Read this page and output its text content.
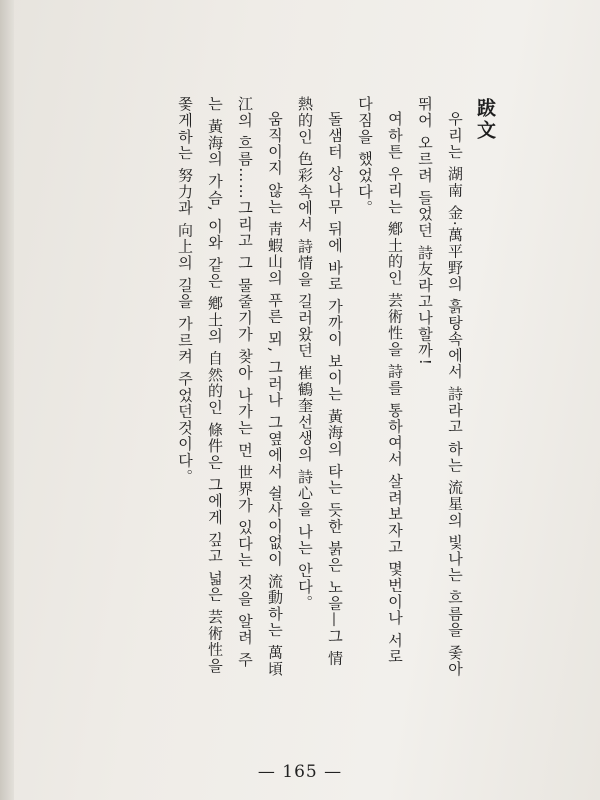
跋文
우리는 湖南 金·萬平野의 흙탕속에서 詩라고 하는 流星의 빛나는 흐름을 좇아
뛰어 오르려 들었던 詩友라고나할까!
여하튼 우리는 鄕土的인 芸術性을 詩를 통하여서 살려보자고 몇번이나 서로
다짐을 했었다。
돌샘터 상나무 뒤에 바로 가까이 보이는 黃海의 타는 듯한 붉은 노을—그 情
熱的인 色彩속에서 詩情을 길러왔던 崔鶴奎선생의 詩心을 나는 안다。
움직이지 않는 靑蝦山의 푸른 뫼, 그러나 그옆에서 쉴사이없이 流動하는 萬頃
江의 흐름……그리고 그 물줄기가 찾아 나가는 먼 世界가 있다는 것을 알려 주
는 黃海의 가슴, 이와 같은 鄕土의 自然的인 條件은 그에게 깊고 넓은 芸術性을
쫓게하는 努力과 向上의 길을 가르켜 주었던것이다。
— 165 —
